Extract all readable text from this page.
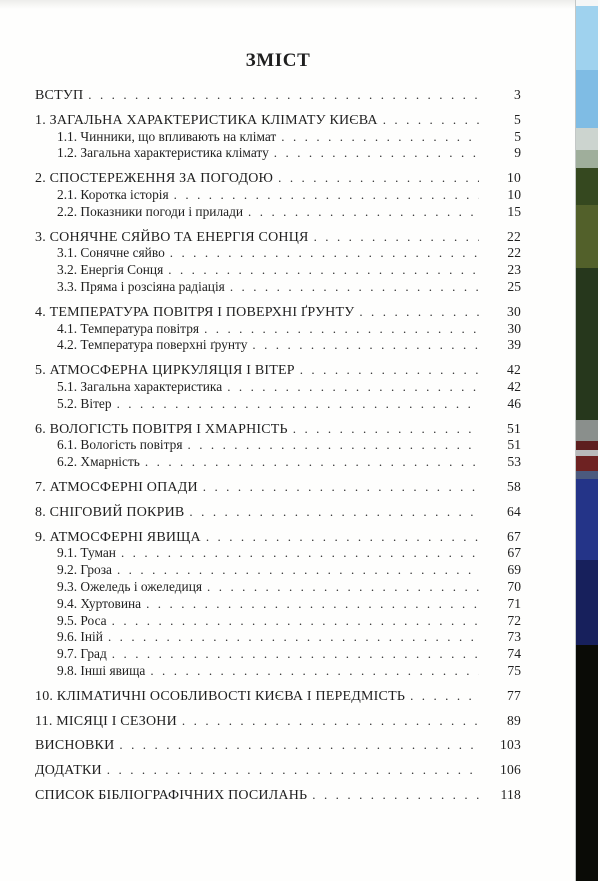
ЗМІСТ
ВСТУП . . .	3
1. ЗАГАЛЬНА ХАРАКТЕРИСТИКА КЛІМАТУ КИЄВА . . .	5
1.1. Чинники, що впливають на клімат . . .	5
1.2. Загальна характеристика клімату . . .	9
2. СПОСТЕРЕЖЕННЯ ЗА ПОГОДОЮ . . .	10
2.1. Коротка історія . . .	10
2.2. Показники погоди і прилади . . .	15
3. СОНЯЧНЕ СЯЙВО ТА ЕНЕРГІЯ СОНЦЯ . . .	22
3.1. Сонячне сяйво . . .	22
3.2. Енергія Сонця . . .	23
3.3. Пряма і розсіяна радіація . . .	25
4. ТЕМПЕРАТУРА ПОВІТРЯ І ПОВЕРХНІ ҐРУНТУ . . .	30
4.1. Температура повітря . . .	30
4.2. Температура поверхні ґрунту . . .	39
5. АТМОСФЕРНА ЦИРКУЛЯЦІЯ І ВІТЕР . . .	42
5.1. Загальна характеристика . . .	42
5.2. Вітер . . .	46
6. ВОЛОГІСТЬ ПОВІТРЯ І ХМАРНІСТЬ . . .	51
6.1. Вологість повітря . . .	51
6.2. Хмарність . . .	53
7. АТМОСФЕРНІ ОПАДИ . . .	58
8. СНІГОВИЙ ПОКРИВ . . .	64
9. АТМОСФЕРНІ ЯВИЩА . . .	67
9.1. Туман . . .	67
9.2. Гроза . . .	69
9.3. Ожеледь і ожеледиця . . .	70
9.4. Хуртовина . . .	71
9.5. Роса . . .	72
9.6. Іній . . .	73
9.7. Град . . .	74
9.8. Інші явища . . .	75
10. КЛІМАТИЧНІ ОСОБЛИВОСТІ КИЄВА І ПЕРЕДМІСТЬ . . .	77
11. МІСЯЦІ І СЕЗОНИ . . .	89
ВИСНОВКИ . . .	103
ДОДАТКИ . . .	106
СПИСОК БІБЛІОГРАФІЧНИХ ПОСИЛАНЬ . . .	118
